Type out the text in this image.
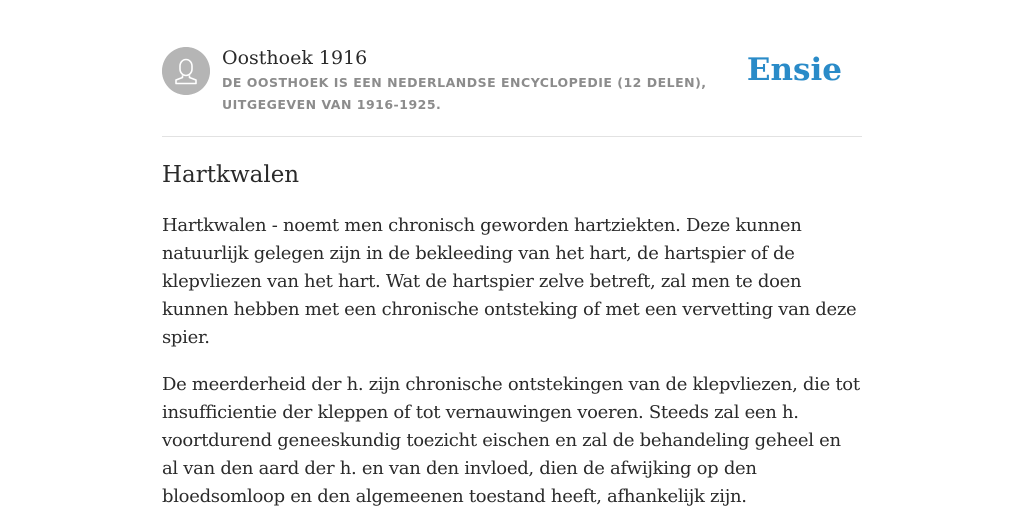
Oosthoek 1916
DE OOSTHOEK IS EEN NEDERLANDSE ENCYCLOPEDIE (12 DELEN), UITGEGEVEN VAN 1916-1925.
Ensie
Hartkwalen

Hartkwalen - noemt men chronisch geworden hartziekten. Deze kunnen natuurlijk gelegen zijn in de bekleeding van het hart, de hartspier of de klepvliezen van het hart. Wat de hartspier zelve betreft, zal men te doen kunnen hebben met een chronische ontsteking of met een vervetting van deze spier.

De meerderheid der h. zijn chronische ontstekingen van de klepvliezen, die tot insufficientie der kleppen of tot vernauwingen voeren. Steeds zal een h. voortdurend geneeskundig toezicht eischen en zal de behandeling geheel en al van den aard der h. en van den invloed, dien de afwijking op den bloedsomloop en den algemeenen toestand heeft, afhankelijk zijn.
